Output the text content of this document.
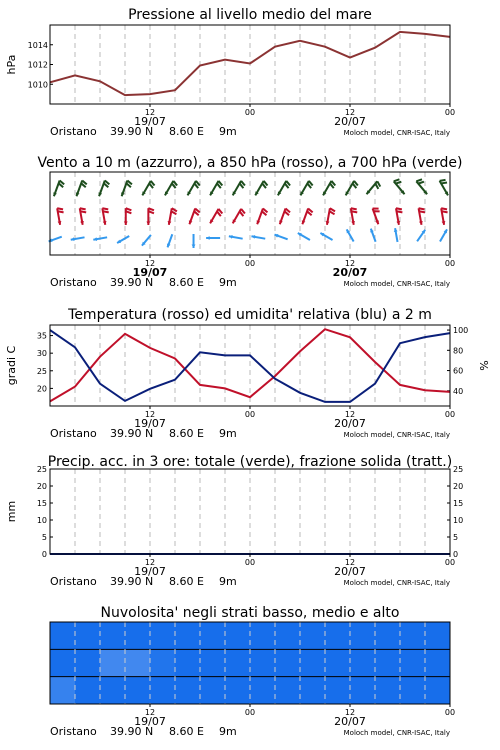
Pressione al livello medio del mare
1010
1012
1014
hPa
12	00	12	00
19/07	20/07
Oristano 39.90 N 8.60 E 9m	Moloch model, CNR-ISAC, Italy
Vento a 10 m (azzurro), a 850 hPa (rosso), a 700 hPa (verde)
12	00	12	00
19/07	20/07
Oristano 39.90 N 8.60 E 9m	Moloch model, CNR-ISAC, Italy
Temperatura (rosso) ed umidita' relativa (blu) a 2 m
20
25
30
35
40
60
80
100
gradi C	%
12	00	12	00
19/07	20/07
Oristano 39.90 N 8.60 E 9m	Moloch model, CNR-ISAC, Italy
Precip. acc. in 3 ore: totale (verde), frazione solida (tratt.)
0	0
5	5
10	10
15	15
20	20
25	25
mm
12	00	12	00
19/07	20/07
Oristano 39.90 N 8.60 E 9m	Moloch model, CNR-ISAC, Italy
Nuvolosita' negli strati basso, medio e alto
12	00	12	00
19/07	20/07
Oristano 39.90 N 8.60 E 9m	Moloch model, CNR-ISAC, Italy
